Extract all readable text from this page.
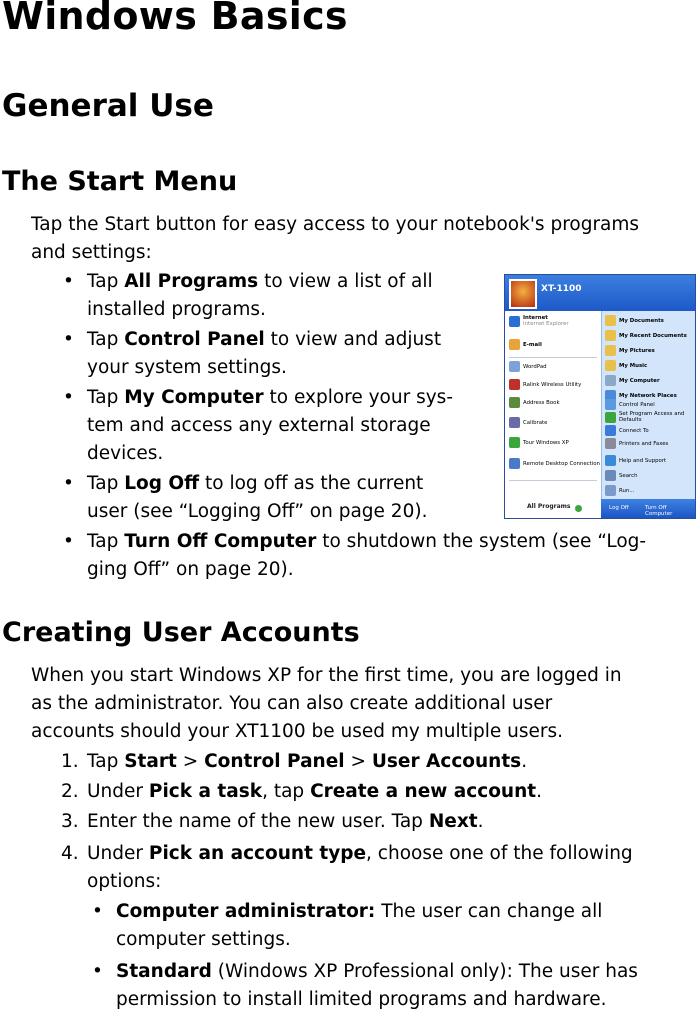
Windows Basics
General Use
The Start Menu
Tap the Start button for easy access to your notebook's programs
and settings:
• Tap All Programs to view a list of all
installed programs.
• Tap Control Panel to view and adjust
your system settings.
• Tap My Computer to explore your sys-
tem and access any external storage
devices.
• Tap Log Off to log off as the current
user (see “Logging Off” on page 20).
• Tap Turn Off Computer to shutdown the system (see “Log-
ging Off” on page 20).
XT-1100
Internet
Internet Explorer
E-mail
WordPad
Ralink Wireless Utility
Address Book
Calibrate
Tour Windows XP
Remote Desktop Connection
My Documents
My Recent Documents
My Pictures
My Music
My Computer
My Network Places
Control Panel
Set Program Access and Defaults
Connect To
Printers and Faxes
Help and Support
Search
Run...
All Programs	Log Off	Turn Off Computer
Creating User Accounts
When you start Windows XP for the first time, you are logged in
as the administrator. You can also create additional user
accounts should your XT1100 be used my multiple users.
1. Tap Start > Control Panel > User Accounts.
2. Under Pick a task, tap Create a new account.
3. Enter the name of the new user. Tap Next.
4. Under Pick an account type, choose one of the following
options:
• Computer administrator: The user can change all
computer settings.
• Standard (Windows XP Professional only): The user has
permission to install limited programs and hardware.
